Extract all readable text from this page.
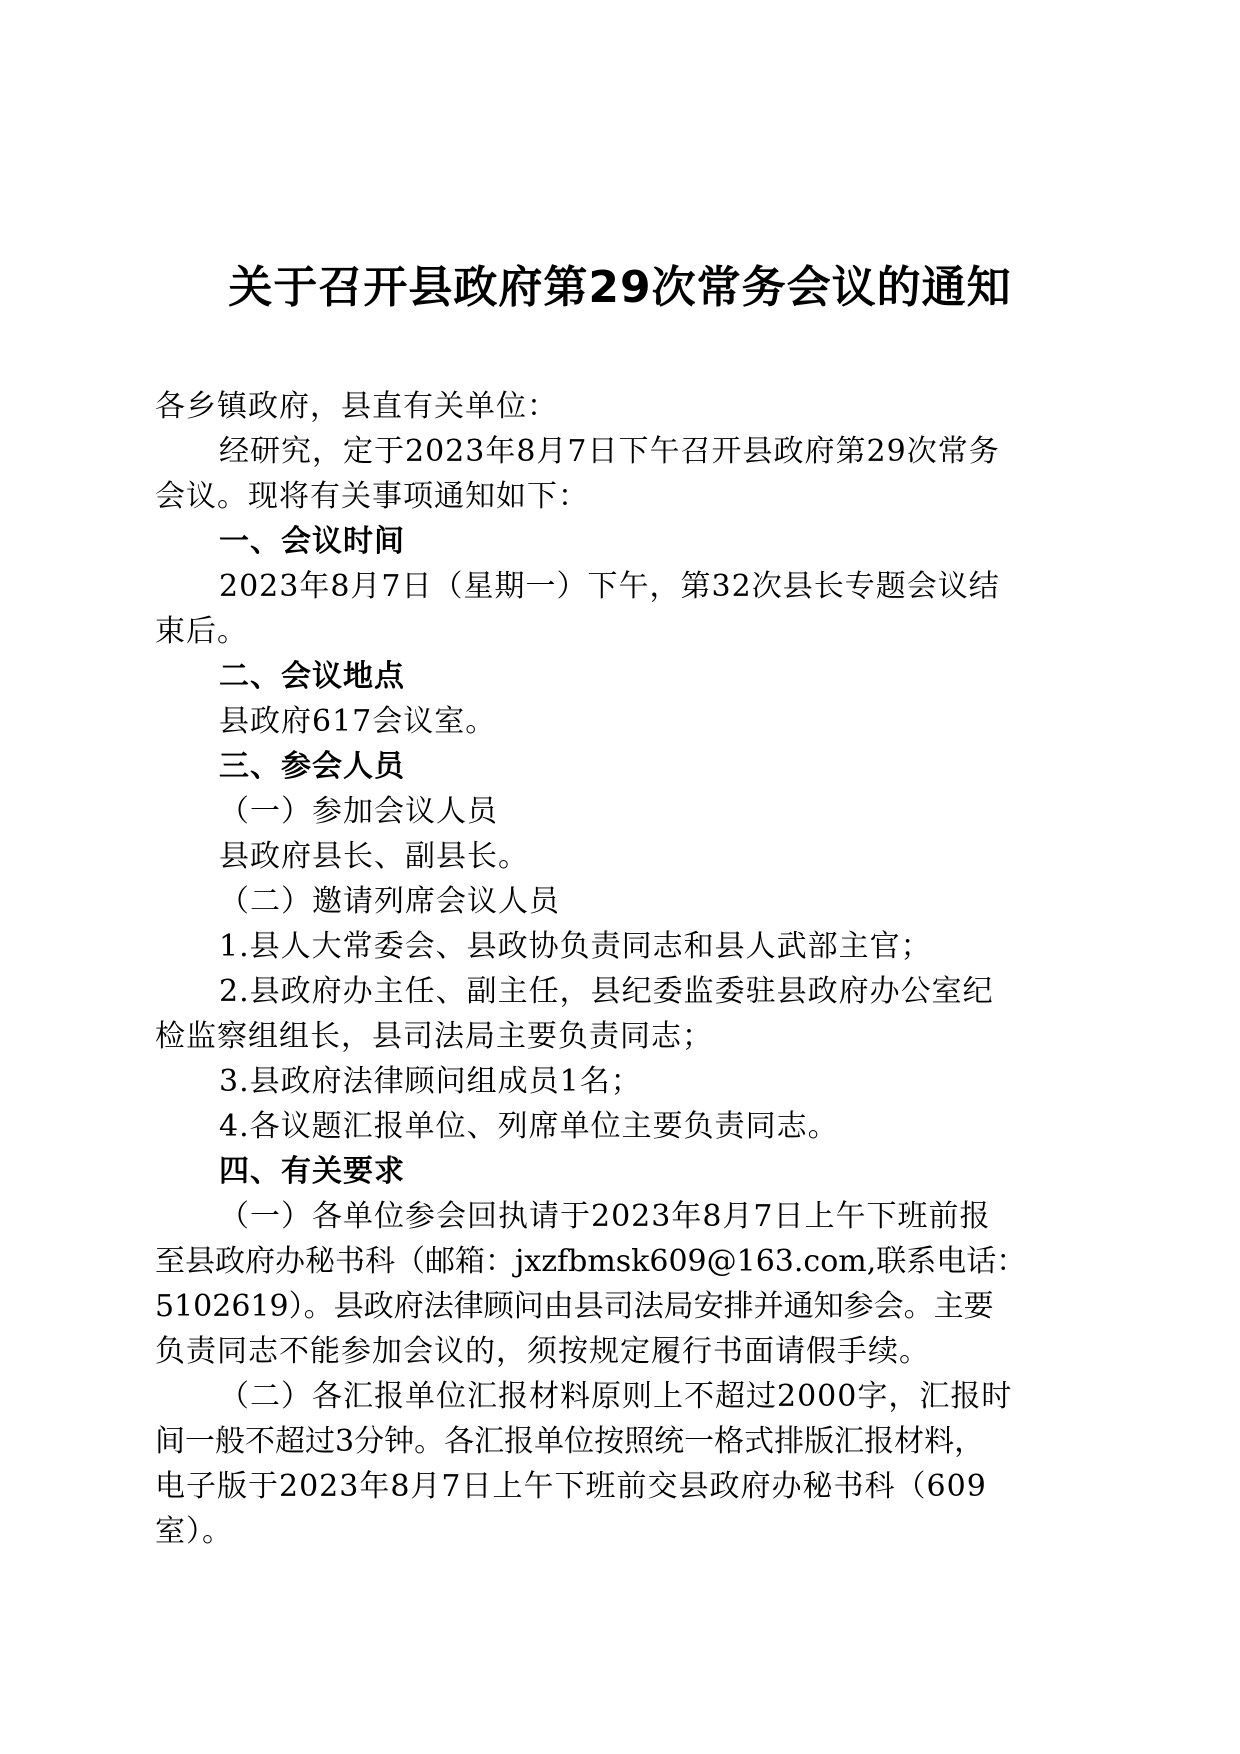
关于召开县政府第29次常务会议的通知
各乡镇政府，县直有关单位：
经研究，定于2023年8月7日下午召开县政府第29次常务
会议。现将有关事项通知如下：
一、会议时间
2023年8月7日（星期一）下午，第32次县长专题会议结
束后。
二、会议地点
县政府617会议室。
三、参会人员
（一）参加会议人员
县政府县长、副县长。
（二）邀请列席会议人员
1.县人大常委会、县政协负责同志和县人武部主官；
2.县政府办主任、副主任，县纪委监委驻县政府办公室纪
检监察组组长，县司法局主要负责同志；
3.县政府法律顾问组成员1名；
4.各议题汇报单位、列席单位主要负责同志。
四、有关要求
（一）各单位参会回执请于2023年8月7日上午下班前报
至县政府办秘书科（邮箱：jxzfbmsk609@163.com,联系电话：
5102619）。县政府法律顾问由县司法局安排并通知参会。主要
负责同志不能参加会议的，须按规定履行书面请假手续。
（二）各汇报单位汇报材料原则上不超过2000字，汇报时
间一般不超过3分钟。各汇报单位按照统一格式排版汇报材料，
电子版于2023年8月7日上午下班前交县政府办秘书科（609
室）。
